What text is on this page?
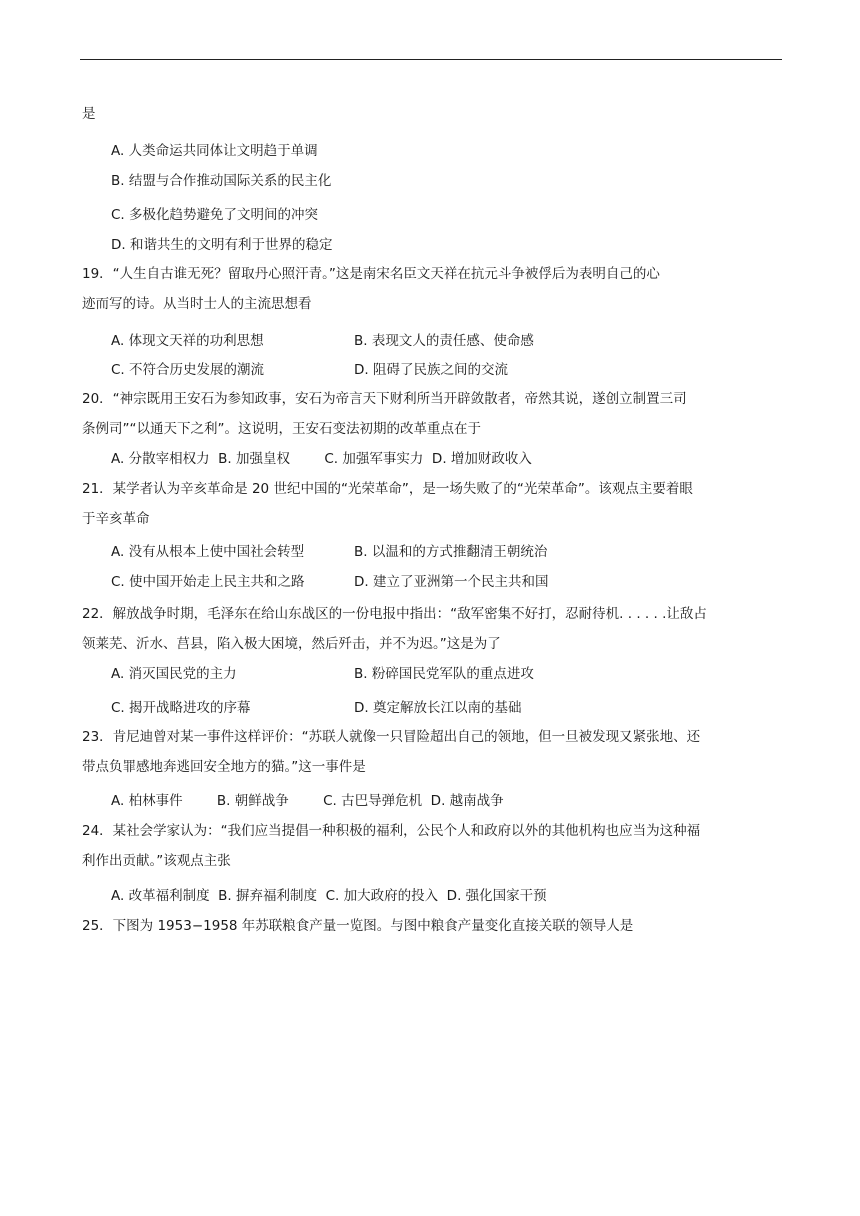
是
A. 人类命运共同体让文明趋于单调
B. 结盟与合作推动国际关系的民主化
C. 多极化趋势避免了文明间的冲突
D. 和谐共生的文明有利于世界的稳定
19．“人生自古谁无死？留取丹心照汗青。”这是南宋名臣文天祥在抗元斗争被俘后为表明自己的心
迹而写的诗。从当时士人的主流思想看
A. 体现文天祥的功利思想	B. 表现文人的责任感、使命感
C. 不符合历史发展的潮流	D. 阻碍了民族之间的交流
20．“神宗既用王安石为参知政事，安石为帝言天下财利所当开辟敛散者，帝然其说，遂创立制置三司
条例司”“以通天下之利”。这说明，王安石变法初期的改革重点在于
A. 分散宰相权力  B. 加强皇权        C. 加强军事实力  D. 增加财政收入
21．某学者认为辛亥革命是 20 世纪中国的“光荣革命”，是一场失败了的“光荣革命”。该观点主要着眼
于辛亥革命
A. 没有从根本上使中国社会转型	B. 以温和的方式推翻清王朝统治
C. 使中国开始走上民主共和之路	D. 建立了亚洲第一个民主共和国
22．解放战争时期，毛泽东在给山东战区的一份电报中指出：“敌军密集不好打，忍耐待机. . . . . .让敌占
领莱芜、沂水、莒县，陷入极大困境，然后歼击，并不为迟。”这是为了
A. 消灭国民党的主力	B. 粉碎国民党军队的重点进攻
C. 揭开战略进攻的序幕	D. 奠定解放长江以南的基础
23．肯尼迪曾对某一事件这样评价：“苏联人就像一只冒险超出自己的领地，但一旦被发现又紧张地、还
带点负罪感地奔逃回安全地方的猫。”这一事件是
A. 柏林事件        B. 朝鲜战争        C. 古巴导弹危机  D. 越南战争
24．某社会学家认为：“我们应当提倡一种积极的福利，公民个人和政府以外的其他机构也应当为这种福
利作出贡献。”该观点主张
A. 改革福利制度  B. 摒弃福利制度  C. 加大政府的投入  D. 强化国家干预
25．下图为 1953−1958 年苏联粮食产量一览图。与图中粮食产量变化直接关联的领导人是
